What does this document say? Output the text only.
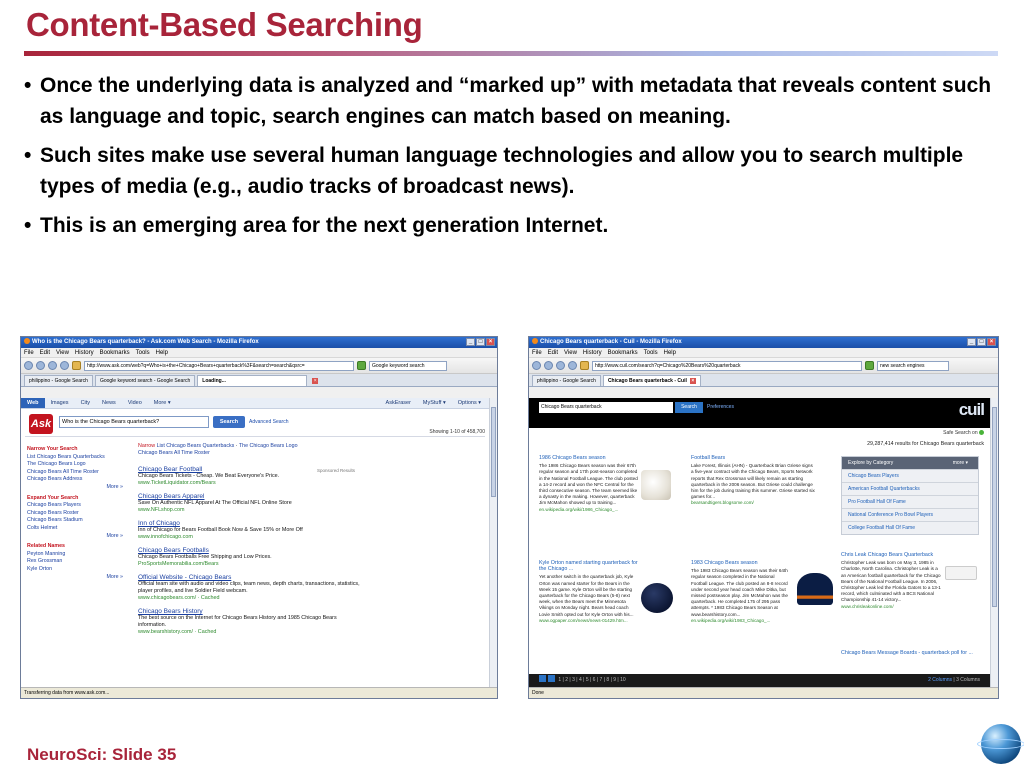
Content-Based Searching
• Once the underlying data is analyzed and “marked up” with metadata that reveals content such as language and topic, search engines can match based on meaning.
• Such sites make use several human language technologies and allow you to search multiple types of media (e.g., audio tracks of broadcast news).
• This is an emerging area for the next generation Internet.
Who is the Chicago Bears quarterback? - Ask.com Web Search - Mozilla Firefox	_	□	×
File Edit View History Bookmarks Tools Help
http://www.ask.com/web?q=Who+is+the+Chicago+Bears+quarterback%3F&search=search&qsrc=	Google keyword search
philippino - Google Search	Google keyword search - Google Search	Loading...	×
Web	Images	City	News	Video	More ▾	AskEraser	MyStuff ▾	Options ▾
Ask	Who is the Chicago Bears quarterback?	Search	Advanced Search
Showing 1-10 of 458,700
Narrow Your Search
List Chicago Bears Quarterbacks
The Chicago Bears Logo
Chicago Bears All Time Roster
Chicago Bears Address
More »
Expand Your Search
Chicago Bears Players
Chicago Bears Roster
Chicago Bears Stadium
Colts Helmet
More »
Related Names
Peyton Manning
Rex Grossman
Kyle Orton
More »
Narrow List Chicago Bears Quarterbacks · The Chicago Bears Logo
Chicago Bears All Time Roster
Sponsored Results
Chicago Bear Football
Chicago Bears Tickets - Cheap. We Beat Everyone's Price.
www.TicketLiquidator.com/Bears
Chicago Bears Apparel
Save On Authentic NFL Apparel At The Official NFL Online Store
www.NFLshop.com
Inn of Chicago
Inn of Chicago for Bears Football Book Now & Save 15% or More Off
www.innofchicago.com
Chicago Bears Footballs
Chicago Bears Footballs Free Shipping and Low Prices.
ProSportsMemorabilia.com/Bears
Official Website - Chicago Bears
Official team site with audio and video clips, team news, depth charts, transactions, statistics, player profiles, and live Soldier Field webcam.
www.chicagobears.com/ · Cached
Chicago Bears History
The best source on the Internet for Chicago Bears History and 1985 Chicago Bears information.
www.bearshistory.com/ · Cached
Transferring data from www.ask.com...
Chicago Bears quarterback - Cuil - Mozilla Firefox	_	□	×
File Edit View History Bookmarks Tools Help
http://www.cuil.com/search?q=Chicago%20Bears%20quarterback	new search engines
philippino - Google Search	Chicago Bears quarterback - Cuil ×
Chicago Bears quarterback	Search	Preferences	cuil
Safe Search on
29,287,414 results for Chicago Bears quarterback
1986 Chicago Bears season
The 1986 Chicago Bears season was their 67th regular season and 17th post-season completed in the National Football League. The club posted a 14-2 record and won the NFC Central for the third consecutive season. The team seemed like a dynasty in the making. However, quarterback Jim McMahon showed up to training...
en.wikipedia.org/wiki/1986_Chicago_...
Football Bears
Lake Forest, Illinois (AHN) - Quarterback Brian Griese signs a five-year contract with the Chicago Bears, Sports Network reports that Rex Grossman will likely remain as starting quarterback in the 2006 season. But Griese could challenge him for the job during training this summer. Griese started six games for...
bearsandtigers.blogsome.com/
Kyle Orton named starting quarterback for the Chicago ...
Yet another switch in the quarterback job, Kyle Orton was named starter for the Bears in the Week 15 game. Kyle Orton will be the starting quarterback for the Chicago Bears (5-8) next week, when the Bears meet the Minnesota Vikings on Monday night. Bears head coach Lovie Smith opted out for Kyle Orton with his...
www.ogpaper.com/news/news-01429.htm...
1983 Chicago Bears season
The 1983 Chicago Bears season was their 64th regular season completed in the National Football League. The club posted an 8-8 record under second year head coach Mike Ditka, but missed postseason play. Jim McMahon was the quarterback. He completed 175 of 295 pass attempts. * 1983 Chicago Bears Season at www.bearshistory.com...
en.wikipedia.org/wiki/1983_Chicago_...
Explore by Category	more ▾
Chicago Bears Players
American Football Quarterbacks
Pro Football Hall Of Fame
National Conference Pro Bowl Players
College Football Hall Of Fame
Chris Leak Chicago Bears Quarterback
Christopher Leak was born on May 3, 1985 in Charlotte, North Carolina. Christopher Leak is a an American football quarterback for the Chicago Bears of the National Football League. In 2006, Christopher Leak led the Florida Gators to a 13-1 record, which culminated with a BCS National Championship 41-14 victory...
www.chrisleakonline.com/
Chicago Bears Message Boards - quarterback poll for ...
1 | 2 | 3 | 4 | 5 | 6 | 7 | 8 | 9 | 10	2 Columns | 3 Columns
Done
NeuroSci: Slide 35
